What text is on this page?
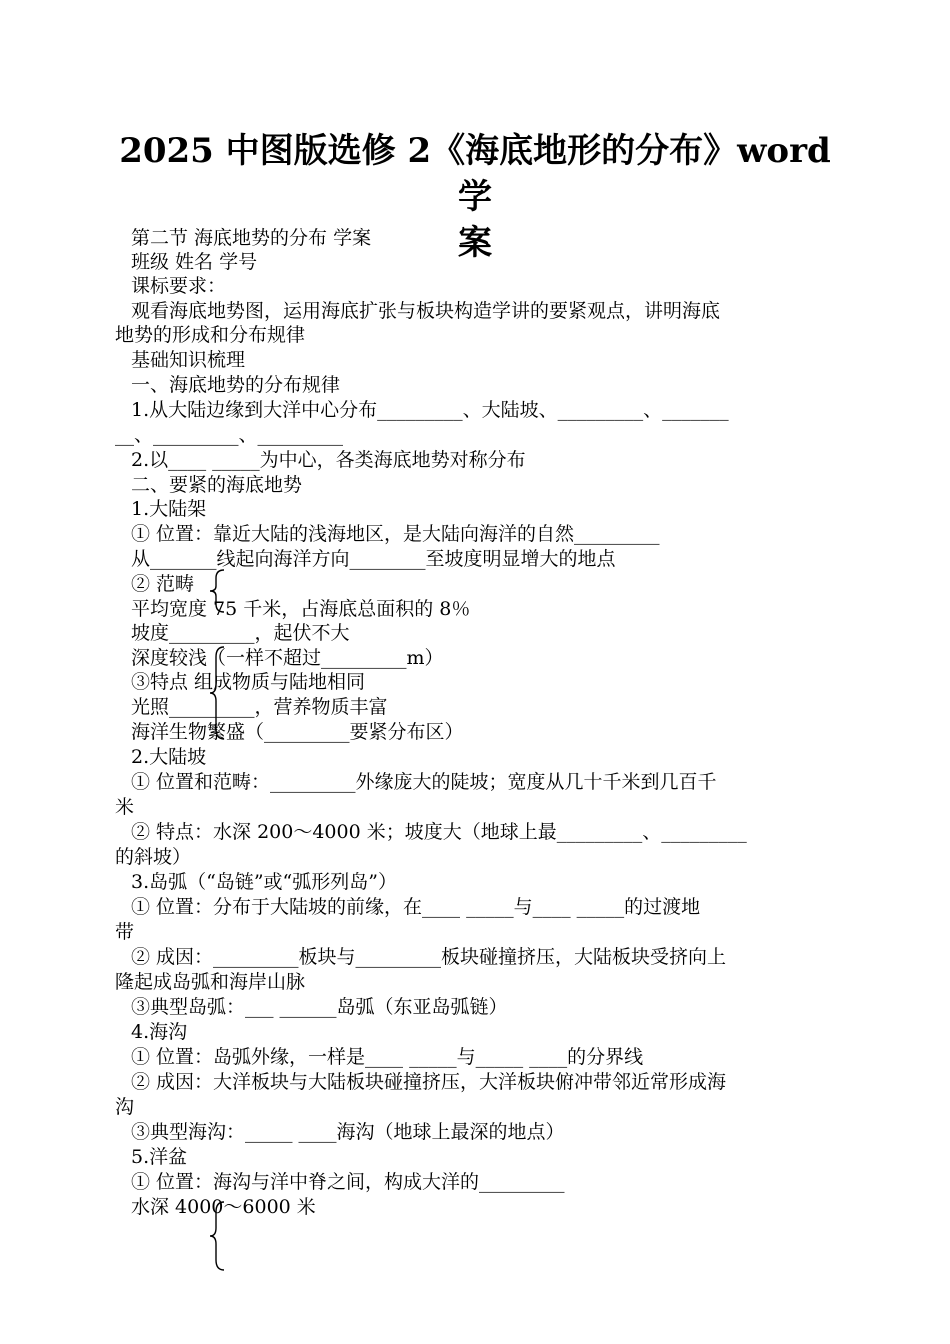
2025 中图版选修 2《海底地形的分布》word 学
案
第二节 海底地势的分布 学案
班级 姓名 学号
课标要求：
观看海底地势图，运用海底扩张与板块构造学讲的要紧观点，讲明海底
地势的形成和分布规律
基础知识梳理
一、海底地势的分布规律
1.从大陆边缘到大洋中心分布_________、大陆坡、_________、_______
__、_________、_________
2.以____ _____为中心，各类海底地势对称分布
二、要紧的海底地势
1.大陆架
① 位置：靠近大陆的浅海地区，是大陆向海洋的自然_________
从_______线起向海洋方向________至坡度明显增大的地点
② 范畴
平均宽度 75 千米，占海底总面积的 8％
坡度_________，起伏不大
深度较浅（一样不超过_________m）
③特点 组成物质与陆地相同
光照_________，营养物质丰富
海洋生物繁盛（_________要紧分布区）
2.大陆坡
① 位置和范畴：_________外缘庞大的陡坡；宽度从几十千米到几百千
米
② 特点：水深 200～4000 米；坡度大（地球上最_________、_________
的斜坡）
3.岛弧（“岛链”或“弧形列岛”）
① 位置：分布于大陆坡的前缘，在____ _____与____ _____的过渡地
带
② 成因：_________板块与_________板块碰撞挤压，大陆板块受挤向上
隆起成岛弧和海岸山脉
③典型岛弧：___ ______岛弧（东亚岛弧链）
4.海沟
① 位置：岛弧外缘，一样是____ _____与_____ ____的分界线
② 成因：大洋板块与大陆板块碰撞挤压，大洋板块俯冲带邻近常形成海
沟
③典型海沟：_____ ____海沟（地球上最深的地点）
5.洋盆
① 位置：海沟与洋中脊之间，构成大洋的_________
水深 4000～6000 米
